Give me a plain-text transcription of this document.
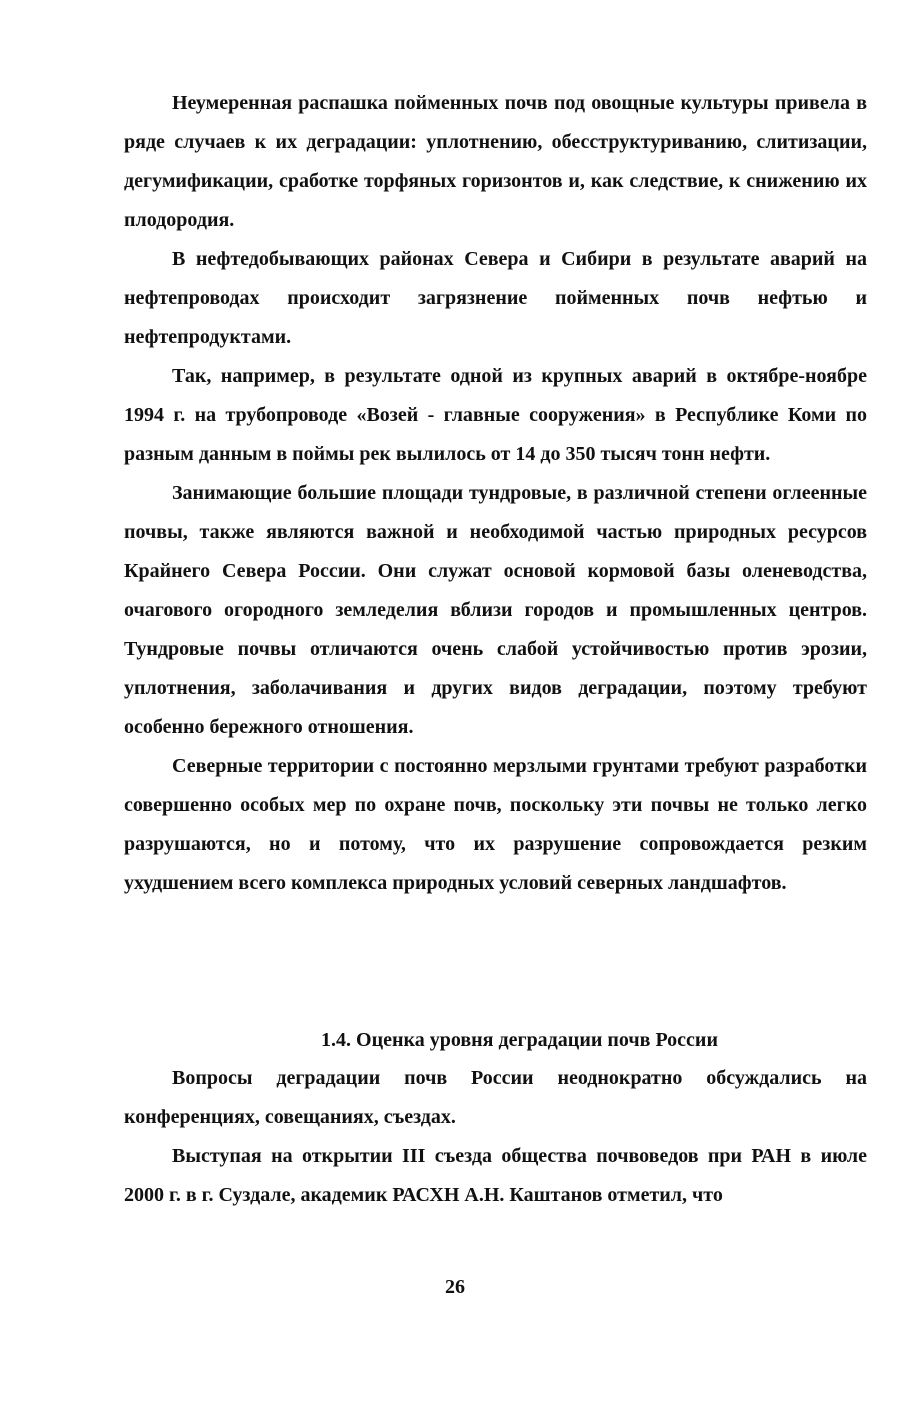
Неумеренная распашка пойменных почв под овощные культуры привела в ряде случаев к их деградации: уплотнению, обесструктуриванию, слитизации, дегумификации, сработке торфяных горизонтов и, как следствие, к снижению их плодородия.

В нефтедобывающих районах Севера и Сибири в результате аварий на нефтепроводах происходит загрязнение пойменных почв нефтью и нефтепродуктами.

Так, например, в результате одной из крупных аварий в октябре-ноябре 1994 г. на трубопроводе «Возей - главные сооружения» в Республике Коми по разным данным в поймы рек вылилось от 14 до 350 тысяч тонн нефти.

Занимающие большие площади тундровые, в различной степени оглеенные почвы, также являются важной и необходимой частью природных ресурсов Крайнего Севера России. Они служат основой кормовой базы оленеводства, очагового огородного земледелия вблизи городов и промышленных центров. Тундровые почвы отличаются очень слабой устойчивостью против эрозии, уплотнения, заболачивания и других видов деградации, поэтому требуют особенно бережного отношения.

Северные территории с постоянно мерзлыми грунтами требуют разработки совершенно особых мер по охране почв, поскольку эти почвы не только легко разрушаются, но и потому, что их разрушение сопровождается резким ухудшением всего комплекса природных условий северных ландшафтов.

1.4. Оценка уровня деградации почв России

Вопросы деградации почв России неоднократно обсуждались на конференциях, совещаниях, съездах.

Выступая на открытии III съезда общества почвоведов при РАН в июле 2000 г. в г. Суздале, академик РАСХН А.Н. Каштанов отметил, что

26
